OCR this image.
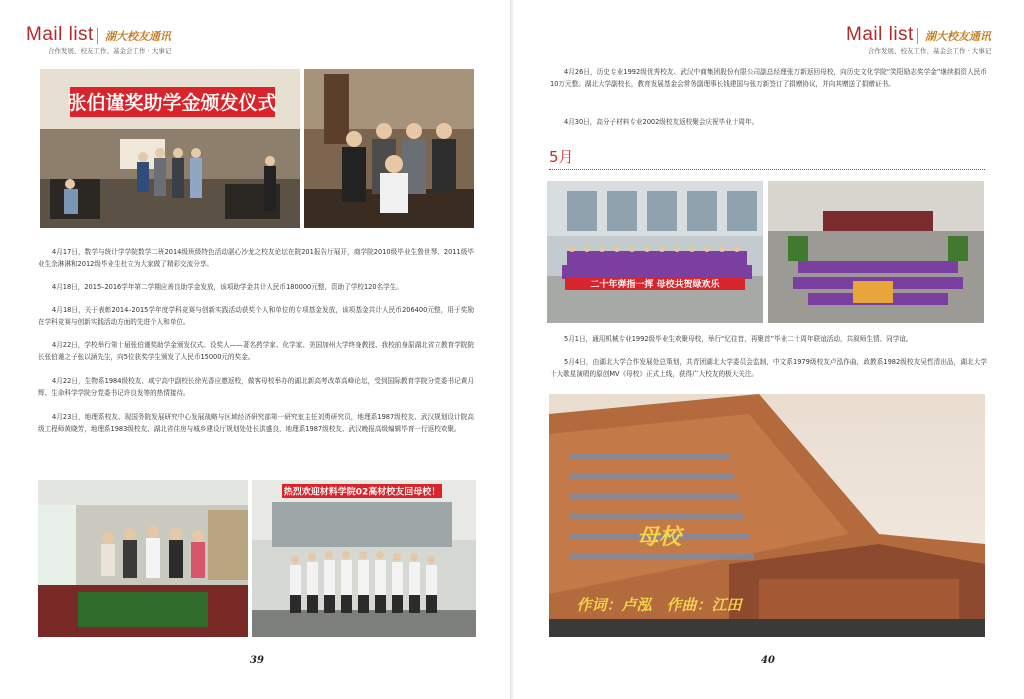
Mail list 湖大校友通讯
合作发展、校友工作、基金会工作 · 大事记
张伯谨奖助学金颁发仪式
4月17日，数学与统计学学院数学二班2014级班级特色活动湛心沙龙之校友论坛在院201报告厅展开，商学院2010级毕业生鲁世琴、2011级毕业生余淋淋和2012级毕业生杜立为大家做了精彩交流分享。
4月18日，2015–2016学年第二学期应善良助学金发放，该项助学金共计人民币180000元整，资助了学校120名学生。
4月18日，关于表彰2014–2015学年度学科竞赛与创新实践活动获奖个人和单位的专项基金发放，该项基金共计人民币206400元整，用于奖励在学科竞赛与创新实践活动方面的先进个人和单位。
4月22日，学校举行第十届张伯谨奖助学金颁发仪式。设奖人——著名药学家、化学家、美国加州大学终身教授、我校前身原湖北省立教育学院院长张伯谨之子张以涵先生，向5位获奖学生颁发了人民币15000元的奖金。
4月22日，生物系1984级校友、咸宁高中副校长徐光香应邀返校，做客母校举办的湖北新高考改革高峰论坛，受到国际教育学院分党委书记黄月辉、生命科学学院分党委书记许良发等的热情接待。
4月23日，地理系校友、现国务院发展研究中心发展战略与区域经济研究部第一研究室主任刘勇研究员，地理系1987级校友、武汉规划设计院高级工程师黄晓芳，地理系1983级校友、湖北省住房与城乡建设厅规划处处长洪盛良，地理系1987级校友、武汉晚报高级编辑毕育一行返校欢聚。
热烈欢迎材料学院02高材校友回母校！
39
Mail list 湖大校友通讯
合作发展、校友工作、基金会工作 · 大事记
4月26日，历史专业1992级优秀校友、武汉中商集团股份有限公司副总经理张万新返回母校，向历史文化学院“笑阳励志奖学金”继续捐资人民币10万元整。湖北大学副校长，教育发展基金会常务副理事长钱建国与张万新签订了捐赠协议，并向其赠送了捐赠证书。
4月30日，高分子材料专业2002级校友返校聚会庆祝毕业十周年。
5月
二十年弹指一挥 母校共贺绿欢乐
5月1日，通用机械专业1992级毕业生欢聚母校，举行“忆往昔，再聚首”毕业二十周年联谊活动，共叙师生情、同学谊。
5月4日，由湖北大学合作发展处总策划，共青团湖北大学委员会监制，中文系1979级校友卢泓作曲，政教系1982级校友吴哲清出品，湖北大学十大歌星演唱的原创MV《母校》正式上线，获得广大校友的极大关注。
母校
作词：卢泓　作曲：江田
40
